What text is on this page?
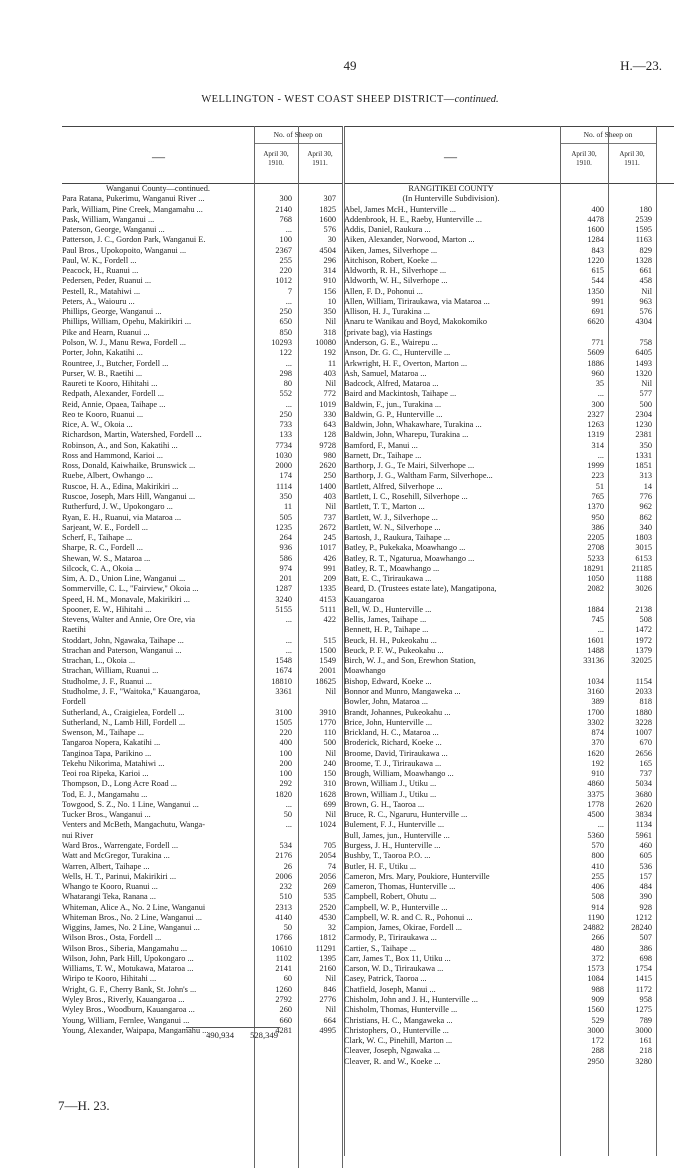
49	H.—23.
WELLINGTON - WEST COAST SHEEP DISTRICT—continued.
—
No. of Sheep on
April 30,
1910.
April 30,
1911.
Wanganui County—continued.
Para Ratana, Pukerimu, Wanganui River ...	300	307
Park, William, Pine Creek, Mangamahu ...	2140	1825
Pask, William, Wanganui ...	768	1600
Paterson, George, Wanganui ...	...	576
Patterson, J. C., Gordon Park, Wanganui E.	100	30
Paul Bros., Upokopoito, Wanganui ...	2367	4504
Paul, W. K., Fordell ...	255	296
Peacock, H., Ruanui ...	220	314
Pedersen, Peder, Ruanui ...	1012	910
Pestell, R., Matahiwi ...	7	156
Peters, A., Waiouru ...	...	10
Phillips, George, Wanganui ...	250	350
Phillips, William, Opehu, Makirikiri ...	650	Nil
Pike and Hearn, Ruanui ...	850	318
Polson, W. J., Manu Rewa, Fordell ...	10293	10080
Porter, John, Kakatihi ...	122	192
Rountree, J., Butcher, Fordell ...	...	11
Purser, W. B., Raetihi ...	298	403
Raureti te Kooro, Hihitahi ...	80	Nil
Redpath, Alexander, Fordell ...	552	772
Reid, Annie, Opaea, Taihape ...	...	1019
Reo te Kooro, Ruanui ...	250	330
Rice, A. W., Okoia ...	733	643
Richardson, Martin, Watershed, Fordell ...	133	128
Robinson, A., and Son, Kakatihi ...	7734	9728
Ross and Hammond, Karioi ...	1030	980
Ross, Donald, Kaiwhaike, Brunswick ...	2000	2620
Ruebe, Albert, Owhango ...	174	250
Ruscoe, H. A., Edina, Makirikiri ...	1114	1400
Ruscoe, Joseph, Mars Hill, Wanganui ...	350	403
Rutherfurd, J. W., Upokongaro ...	11	Nil
Ryan, E. H., Ruanui, via Mataroa ...	505	737
Sarjeant, W. E., Fordell ...	1235	2672
Scherf, F., Taihape ...	264	245
Sharpe, R. C., Fordell ...	936	1017
Shewan, W. S., Mataroa ...	586	426
Silcock, C. A., Okoia ...	974	991
Sim, A. D., Union Line, Wanganui ...	201	209
Sommerville, C. L., "Fairview," Okoia ...	1287	1335
Speed, H. M., Monavale, Makirikiri ...	3240	4153
Spooner, E. W., Hihitahi ...	5155	5111
Stevens, Walter and Annie, Ore Ore, via	...	422
Raetihi
Stoddart, John, Ngawaka, Taihape ...	...	515
Strachan and Paterson, Wanganui ...	...	1500
Strachan, L., Okoia ...	1548	1549
Strachan, William, Ruanui ...	1674	2001
Studholme, J. F., Ruanui ...	18810	18625
Studholme, J. F., "Waitoka," Kauangaroa,	3361	Nil
Fordell
Sutherland, A., Craigielea, Fordell ...	3100	3910
Sutherland, N., Lamb Hill, Fordell ...	1505	1770
Swenson, M., Taihape ...	220	110
Tangaroa Nopera, Kakatihi ...	400	500
Tanginoa Tapa, Parikino ...	100	Nil
Tekehu Nikorima, Matahiwi ...	200	240
Teoi roa Ripeka, Karioi ...	100	150
Thompson, D., Long Acre Road ...	292	310
Tod, E. J., Mangamahu ...	1820	1628
Towgood, S. Z., No. 1 Line, Wanganui ...	...	699
Tucker Bros., Wanganui ...	50	Nil
Venters and McBeth, Mangachutu, Wanga-	...	1024
nui River
Ward Bros., Warrengate, Fordell ...	534	705
Watt and McGregor, Turakina ...	2176	2054
Warren, Albert, Taihape ...	26	74
Wells, H. T., Parinui, Makirikiri ...	2006	2056
Whango te Kooro, Ruanui ...	232	269
Whatarangi Teka, Ranana ...	510	535
Whiteman, Alice A., No. 2 Line, Wanganui	2313	2520
Whiteman Bros., No. 2 Line, Wanganui ...	4140	4530
Wiggins, James, No. 2 Line, Wanganui ...	50	32
Wilson Bros., Osta, Fordell ...	1766	1812
Wilson Bros., Siberia, Mangamahu ...	10610	11291
Wilson, John, Park Hill, Upokongaro ...	1102	1395
Williams, T. W., Motukawa, Mataroa ...	2141	2160
Wiripo te Kooro, Hihitahi ...	60	Nil
Wright, G. F., Cherry Bank, St. John's ...	1260	846
Wyley Bros., Riverly, Kauangaroa ...	2792	2776
Wyley Bros., Woodburn, Kauangaroa ...	260	Nil
Young, William, Fernlee, Wanganui ...	660	664
Young, Alexander, Waipapa, Mangamahu ...	4281	4995
490,934	528,349
—
No. of Sheep on
April 30,
1910.
April 30,
1911.
RANGITIKEI COUNTY
(In Hunterville Subdivision).
Abel, James McH., Hunterville ...	400	180
Addenbrook, H. E., Raeby, Hunterville ...	4478	2539
Addis, Daniel, Raukura ...	1600	1595
Aiken, Alexander, Norwood, Marton ...	1284	1163
Aiken, James, Silverhope ...	843	829
Aitchison, Robert, Koeke ...	1220	1328
Aldworth, R. H., Silverhope ...	615	661
Aldworth, W. H., Silverhope ...	544	458
Allen, F. D., Pohonui ...	1350	Nil
Allen, William, Tiriraukawa, via Mataroa ...	991	963
Allison, H. J., Turakina ...	691	576
Anaru te Wanikau and Boyd, Makokomiko	6620	4304
(private bag), via Hastings
Anderson, G. E., Wairepu ...	771	758
Anson, Dr. G. C., Hunterville ...	5609	6405
Arkwright, H. F., Overton, Marton ...	1886	1493
Ash, Samuel, Mataroa ...	960	1320
Badcock, Alfred, Mataroa ...	35	Nil
Baird and Mackintosh, Taihape ...	...	577
Baldwin, F., jun., Turakina ...	300	500
Baldwin, G. P., Hunterville ...	2327	2304
Baldwin, John, Whakawhare, Turakina ...	1263	1230
Baldwin, John, Wharepu, Turakina ...	1319	2381
Bamford, F., Manui ...	314	350
Barnett, Dr., Taihape ...	...	1331
Barthorp, J. G., Te Mairi, Silverhope ...	1999	1851
Barthorp, J. G., Waltham Farm, Silverhope...	223	313
Bartlett, Alfred, Silverhope ...	51	14
Bartlett, I. C., Rosehill, Silverhope ...	765	776
Bartlett, T. T., Marton ...	1370	962
Bartlett, W. J., Silverhope ...	950	862
Bartlett, W. N., Silverhope ...	386	340
Bartosh, J., Raukura, Taihape ...	2205	1803
Batley, P., Pukekaka, Moawhango ...	2708	3015
Batley, R. T., Ngaturua, Moawhango ...	5233	6153
Batley, R. T., Moawhango ...	18291	21185
Batt, E. C., Tiriraukawa ...	1050	1188
Beard, D. (Trustees estate late), Mangatipona,	2082	3026
Kauangaroa
Bell, W. D., Hunterville ...	1884	2138
Bellis, James, Taihape ...	745	508
Bennett, H. P., Taihape ...	...	1472
Beuck, H. H., Pukeokahu ...	1601	1972
Beuck, P. F. W., Pukeokahu ...	1488	1379
Birch, W. J., and Son, Erewhon Station,	33136	32025
Moawhango
Bishop, Edward, Koeke ...	1034	1154
Bonnor and Munro, Mangaweka ...	3160	2033
Bowler, John, Mataroa ...	389	818
Brandt, Johannes, Pukeokahu ...	1700	1880
Brice, John, Hunterville ...	3302	3228
Brickland, H. C., Mataroa ...	874	1007
Broderick, Richard, Koeke ...	370	670
Broome, David, Tiriraukawa ...	1620	2656
Broome, T. J., Tiriraukawa ...	192	165
Brough, William, Moawhango ...	910	737
Brown, William J., Utiku ...	4860	5034
Brown, William J., Utiku ...	3375	3680
Brown, G. H., Taoroa ...	1778	2620
Bruce, R. C., Ngaruru, Hunterville ...	4500	3834
Bulement, F. J., Hunterville ...	...	1134
Bull, James, jun., Hunterville ...	5360	5961
Burgess, J. H., Hunterville ...	570	460
Bushby, T., Taoroa P.O. ...	800	605
Butler, H. F., Utiku ...	410	536
Cameron, Mrs. Mary, Poukiore, Hunterville	255	157
Cameron, Thomas, Hunterville ...	406	484
Campbell, Robert, Ohutu ...	508	390
Campbell, W. P., Hunterville ...	914	928
Campbell, W. R. and C. R., Pohonui ...	1190	1212
Campion, James, Okirae, Fordell ...	24882	28240
Carmody, P., Tiriraukawa ...	266	507
Cartier, S., Taihape ...	480	386
Carr, James T., Box 11, Utiku ...	372	698
Carson, W. D., Tiriraukawa ...	1573	1754
Casey, Patrick, Taoroa ...	1084	1415
Chatfield, Joseph, Manui ...	988	1172
Chisholm, John and J. H., Hunterville ...	909	958
Chisholm, Thomas, Hunterville ...	1560	1275
Christians, H. C., Mangaweka ...	529	789
Christophers, O., Hunterville ...	3000	3000
Clark, W. C., Pinehill, Marton ...	172	161
Cleaver, Joseph, Ngawaka ...	288	218
Cleaver, R. and W., Koeke ...	2950	3280
7—H. 23.
